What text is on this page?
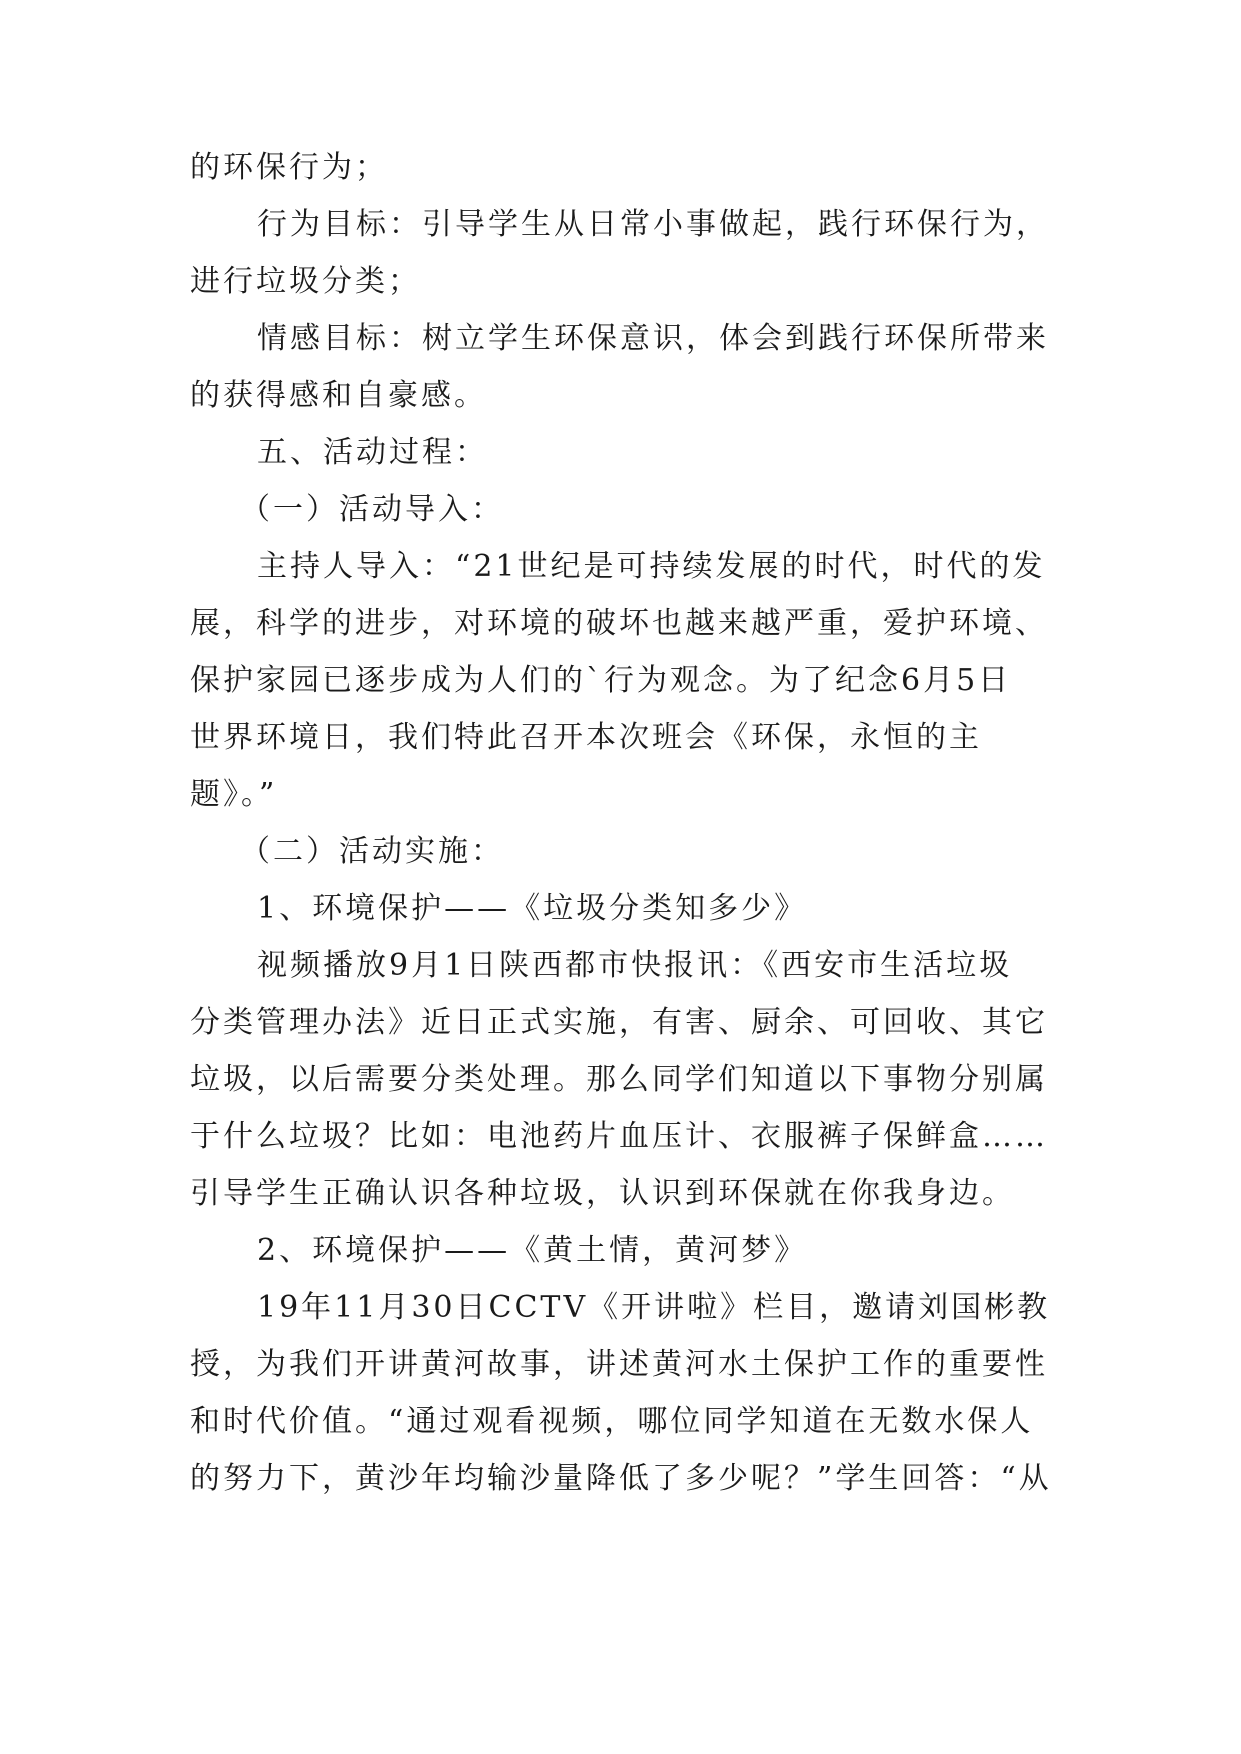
的环保行为；
行为目标：引导学生从日常小事做起，践行环保行为，
进行垃圾分类；
情感目标：树立学生环保意识，体会到践行环保所带来
的获得感和自豪感。
五、活动过程：
（一）活动导入：
主持人导入：“21世纪是可持续发展的时代，时代的发
展，科学的进步，对环境的破坏也越来越严重，爱护环境、
保护家园已逐步成为人们的`行为观念。为了纪念6月5日
世界环境日，我们特此召开本次班会《环保，永恒的主
题》。”
（二）活动实施：
1、环境保护——《垃圾分类知多少》
视频播放9月1日陕西都市快报讯：《西安市生活垃圾
分类管理办法》近日正式实施，有害、厨余、可回收、其它
垃圾，以后需要分类处理。那么同学们知道以下事物分别属
于什么垃圾？比如：电池药片血压计、衣服裤子保鲜盒……
引导学生正确认识各种垃圾，认识到环保就在你我身边。
2、环境保护——《黄土情，黄河梦》
19年11月30日CCTV《开讲啦》栏目，邀请刘国彬教
授，为我们开讲黄河故事，讲述黄河水土保护工作的重要性
和时代价值。“通过观看视频，哪位同学知道在无数水保人
的努力下，黄沙年均输沙量降低了多少呢？”学生回答：“从
